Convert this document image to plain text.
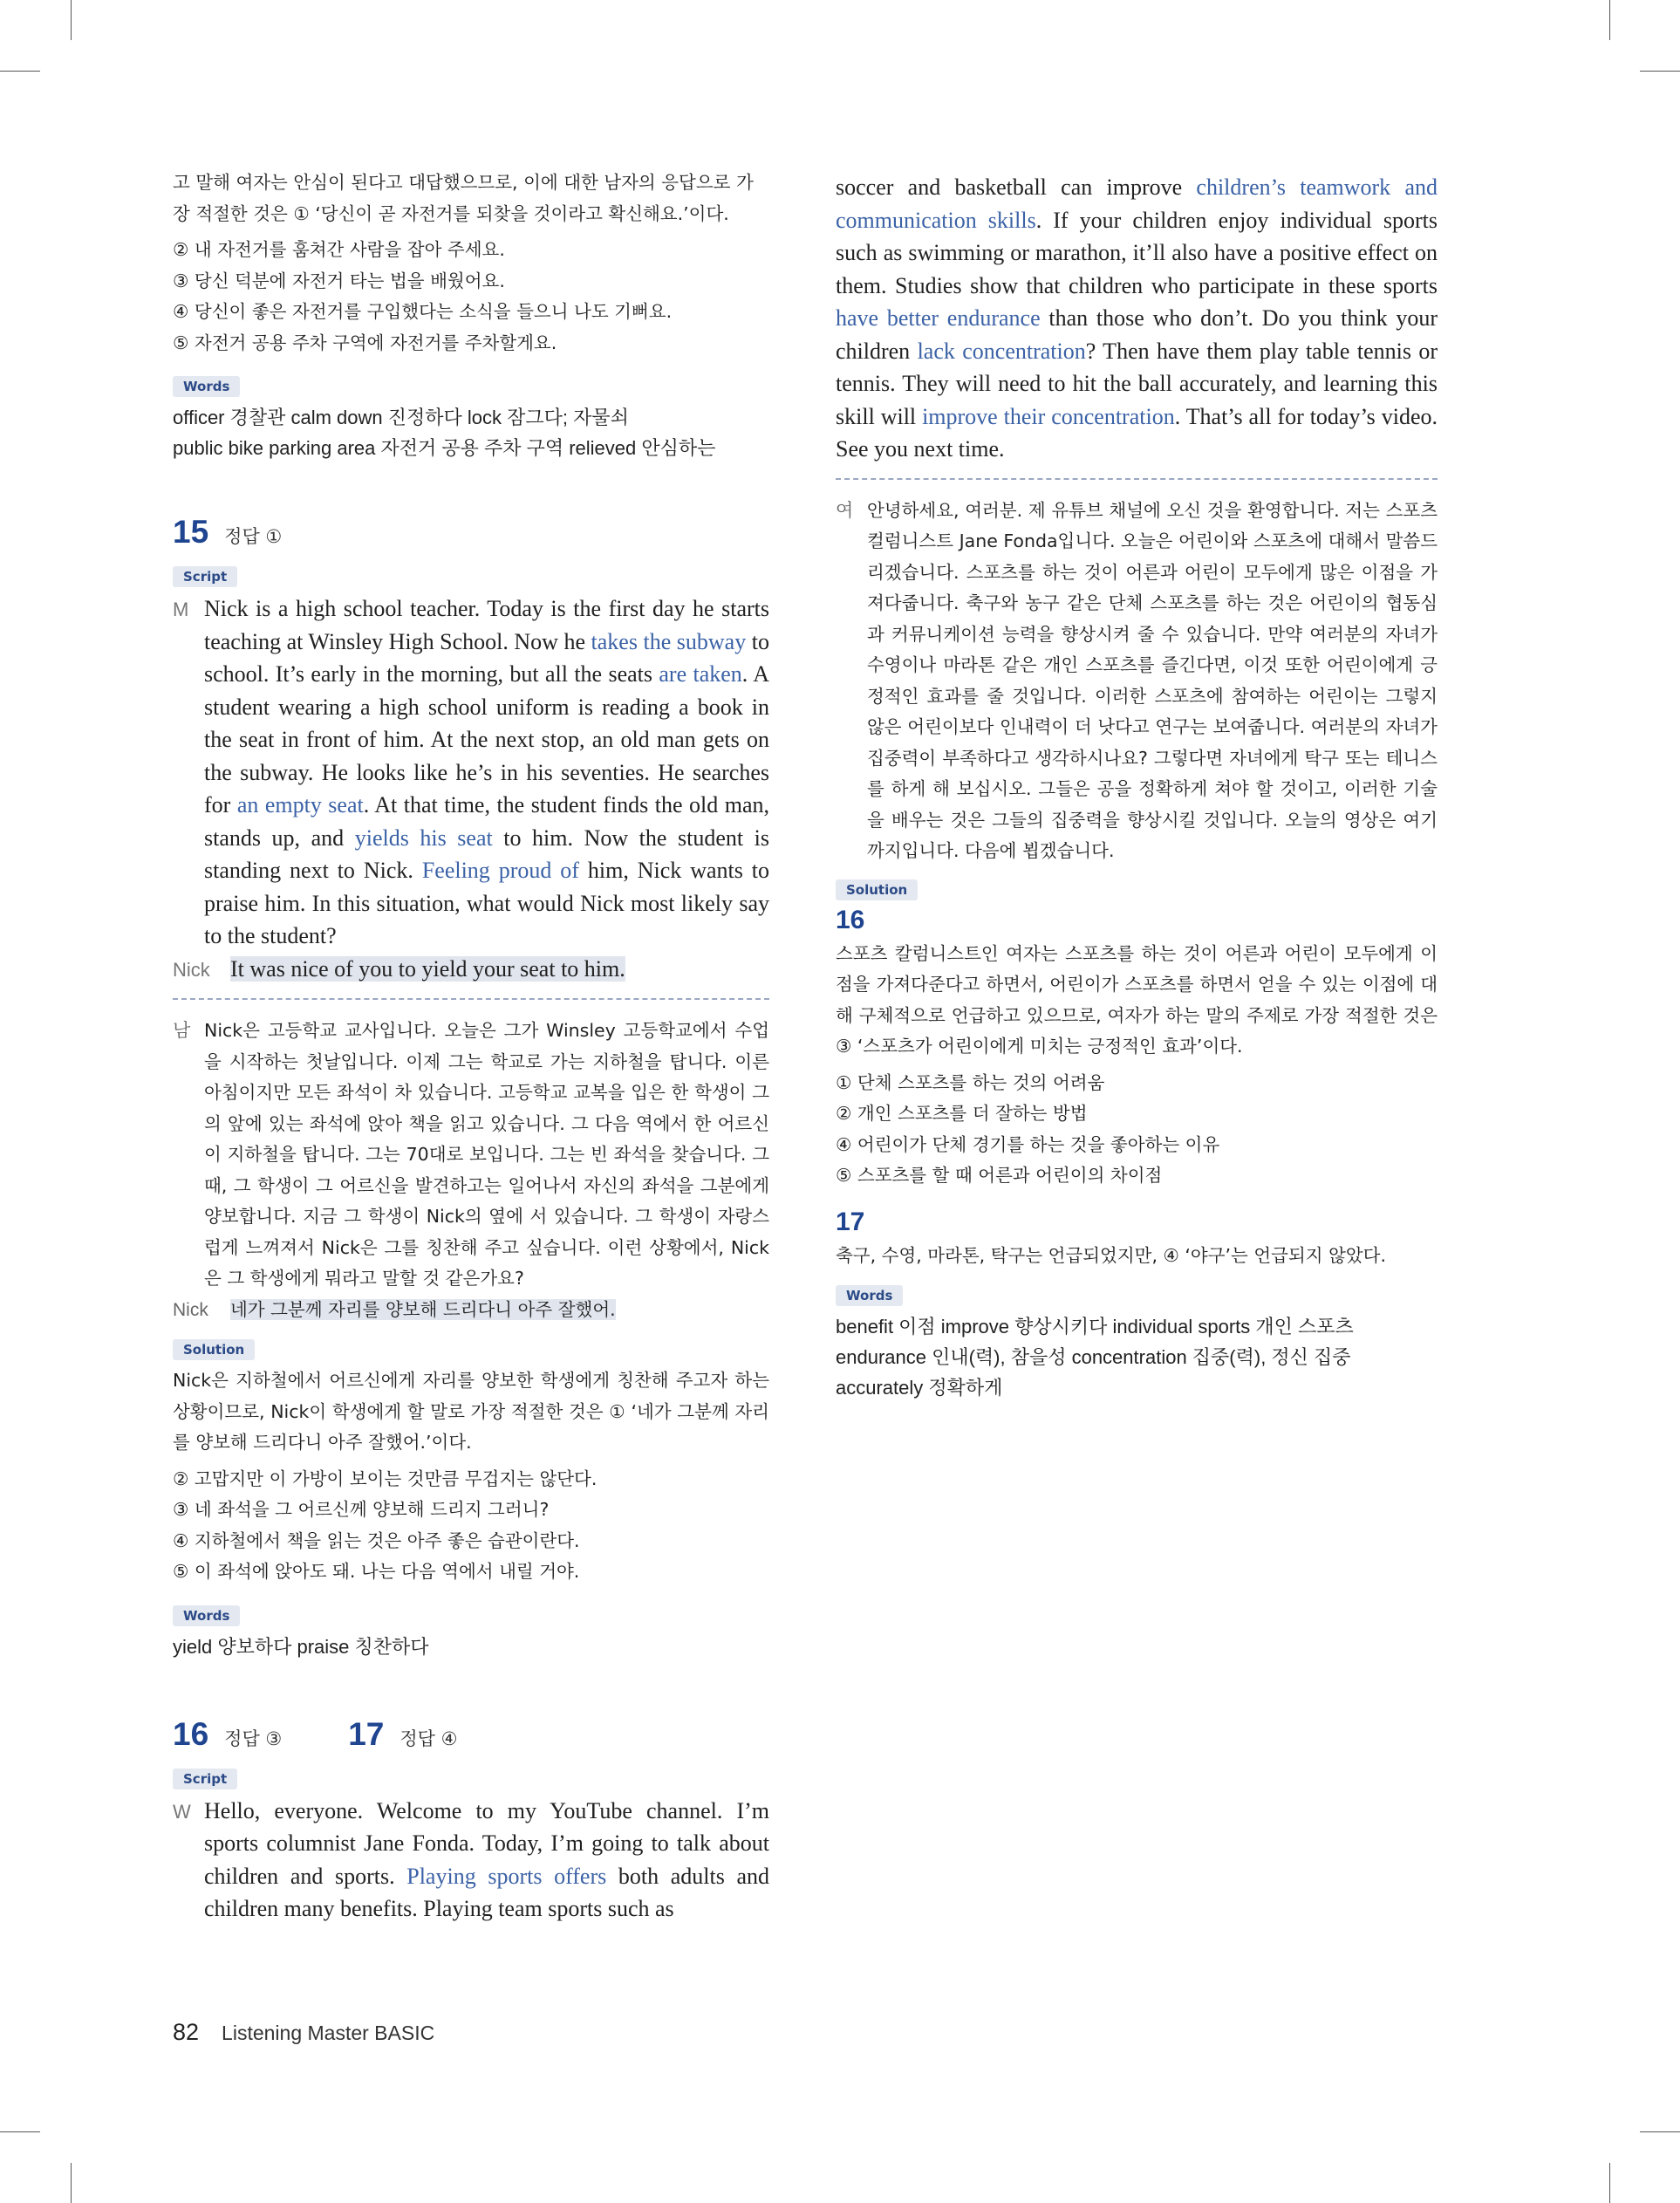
고 말해 여자는 안심이 된다고 대답했으므로, 이에 대한 남자의 응답으로 가

장 적절한 것은 ① ‘당신이 곧 자전거를 되찾을 것이라고 확신해요.’이다.

② 내 자전거를 훔쳐간 사람을 잡아 주세요.
③ 당신 덕분에 자전거 타는 법을 배웠어요.
④ 당신이 좋은 자전거를 구입했다는 소식을 들으니 나도 기뻐요.
⑤ 자전거 공용 주차 구역에 자전거를 주차할게요.
Words
officer 경찰관 calm down 진정하다 lock 잠그다; 자물쇠
public bike parking area 자전거 공용 주차 구역 relieved 안심하는
15 정답 ①
Script
M Nick is a high school teacher. Today is the first day he starts teaching at Winsley High School. Now he takes the subway to school. It’s early in the morning, but all the seats are taken. A student wearing a high school uniform is reading a book in the seat in front of him. At the next stop, an old man gets on the subway. He looks like he’s in his seventies. He searches for an empty seat. At that time, the student finds the old man, stands up, and yields his seat to him. Now the student is standing next to Nick. Feeling proud of him, Nick wants to praise him. In this situation, what would Nick most likely say to the student?
Nick It was nice of you to yield your seat to him.
남 Nick은 고등학교 교사입니다. 오늘은 그가 Winsley 고등학교에서 수업을 시작하는 첫날입니다. 이제 그는 학교로 가는 지하철을 탑니다. 이른 아침이지만 모든 좌석이 차 있습니다. 고등학교 교복을 입은 한 학생이 그의 앞에 있는 좌석에 앉아 책을 읽고 있습니다. 그 다음 역에서 한 어르신이 지하철을 탑니다. 그는 70대로 보입니다. 그는 빈 좌석을 찾습니다. 그때, 그 학생이 그 어르신을 발견하고는 일어나서 자신의 좌석을 그분에게 양보합니다. 지금 그 학생이 Nick의 옆에 서 있습니다. 그 학생이 자랑스럽게 느껴져서 Nick은 그를 칭찬해 주고 싶습니다. 이런 상황에서, Nick은 그 학생에게 뭐라고 말할 것 같은가요?
Nick	네가 그분께 자리를 양보해 드리다니 아주 잘했어.
Solution
Nick은 지하철에서 어르신에게 자리를 양보한 학생에게 칭찬해 주고자 하는 상황이므로, Nick이 학생에게 할 말로 가장 적절한 것은 ① ‘네가 그분께 자리를 양보해 드리다니 아주 잘했어.’이다.
② 고맙지만 이 가방이 보이는 것만큼 무겁지는 않단다.
③ 네 좌석을 그 어르신께 양보해 드리지 그러니?
④ 지하철에서 책을 읽는 것은 아주 좋은 습관이란다.
⑤ 이 좌석에 앉아도 돼. 나는 다음 역에서 내릴 거야.
Words
yield 양보하다 praise 칭찬하다
16 정답 ③ 17 정답 ④
Script
W Hello, everyone. Welcome to my YouTube channel. I’m sports columnist Jane Fonda. Today, I’m going to talk about children and sports. Playing sports offers both adults and children many benefits. Playing team sports such as
soccer and basketball can improve children’s teamwork and communication skills. If your children enjoy individual sports such as swimming or marathon, it’ll also have a positive effect on them. Studies show that children who participate in these sports have better endurance than those who don’t. Do you think your children lack concentration? Then have them play table tennis or tennis. They will need to hit the ball accurately, and learning this skill will improve their concentration. That’s all for today’s video. See you next time.
여 안녕하세요, 여러분. 제 유튜브 채널에 오신 것을 환영합니다. 저는 스포츠 컬럼니스트 Jane Fonda입니다. 오늘은 어린이와 스포츠에 대해서 말씀드리겠습니다. 스포츠를 하는 것이 어른과 어린이 모두에게 많은 이점을 가져다줍니다. 축구와 농구 같은 단체 스포츠를 하는 것은 어린이의 협동심과 커뮤니케이션 능력을 향상시켜 줄 수 있습니다. 만약 여러분의 자녀가 수영이나 마라톤 같은 개인 스포츠를 즐긴다면, 이것 또한 어린이에게 긍정적인 효과를 줄 것입니다. 이러한 스포츠에 참여하는 어린이는 그렇지 않은 어린이보다 인내력이 더 낫다고 연구는 보여줍니다. 여러분의 자녀가 집중력이 부족하다고 생각하시나요? 그렇다면 자녀에게 탁구 또는 테니스를 하게 해 보십시오. 그들은 공을 정확하게 쳐야 할 것이고, 이러한 기술을 배우는 것은 그들의 집중력을 향상시킬 것입니다. 오늘의 영상은 여기까지입니다. 다음에 뵙겠습니다.
Solution
16
스포츠 칼럼니스트인 여자는 스포츠를 하는 것이 어른과 어린이 모두에게 이점을 가져다준다고 하면서, 어린이가 스포츠를 하면서 얻을 수 있는 이점에 대해 구체적으로 언급하고 있으므로, 여자가 하는 말의 주제로 가장 적절한 것은 ③ ‘스포츠가 어린이에게 미치는 긍정적인 효과’이다.
① 단체 스포츠를 하는 것의 어려움
② 개인 스포츠를 더 잘하는 방법
④ 어린이가 단체 경기를 하는 것을 좋아하는 이유
⑤ 스포츠를 할 때 어른과 어린이의 차이점
17
축구, 수영, 마라톤, 탁구는 언급되었지만, ④ ‘야구’는 언급되지 않았다.
Words
benefit 이점 improve 향상시키다 individual sports 개인 스포츠
endurance 인내(력), 참을성 concentration 집중(력), 정신 집중
accurately 정확하게
82 Listening Master BASIC
